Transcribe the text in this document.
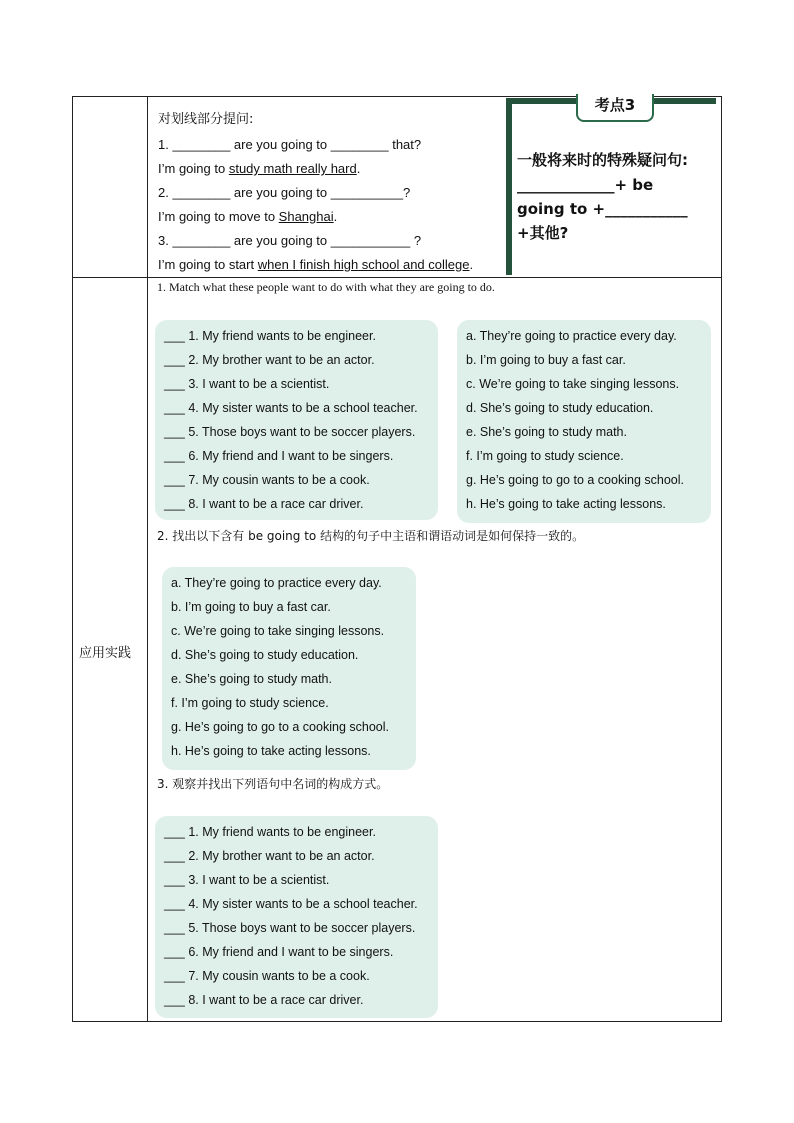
对划线部分提问:
1. ________ are you going to ________ that?
I’m going to study math really hard.
2. ________ are you going to __________?
I’m going to move to Shanghai.
3. ________ are you going to ___________ ?
I’m going to start when I finish high school and college.
考点3
一般将来时的特殊疑问句:
_____________+ be
going to +___________
+其他?
应用实践
1. Match what these people want to do with what they are going to do.
___ 1. My friend wants to be engineer.
___ 2. My brother want to be an actor.
___ 3. I want to be a scientist.
___ 4. My sister wants to be a school teacher.
___ 5. Those boys want to be soccer players.
___ 6. My friend and I want to be singers.
___ 7. My cousin wants to be a cook.
___ 8. I want to be a race car driver.
a. They’re going to practice every day.
b. I’m going to buy a fast car.
c. We’re going to take singing lessons.
d. She’s going to study education.
e. She’s going to study math.
f. I’m going to study science.
g. He’s going to go to a cooking school.
h. He’s going to take acting lessons.
2. 找出以下含有 be going to 结构的句子中主语和谓语动词是如何保持一致的。
a. They’re going to practice every day.
b. I’m going to buy a fast car.
c. We’re going to take singing lessons.
d. She’s going to study education.
e. She’s going to study math.
f. I’m going to study science.
g. He’s going to go to a cooking school.
h. He’s going to take acting lessons.
3. 观察并找出下列语句中名词的构成方式。
___ 1. My friend wants to be engineer.
___ 2. My brother want to be an actor.
___ 3. I want to be a scientist.
___ 4. My sister wants to be a school teacher.
___ 5. Those boys want to be soccer players.
___ 6. My friend and I want to be singers.
___ 7. My cousin wants to be a cook.
___ 8. I want to be a race car driver.
